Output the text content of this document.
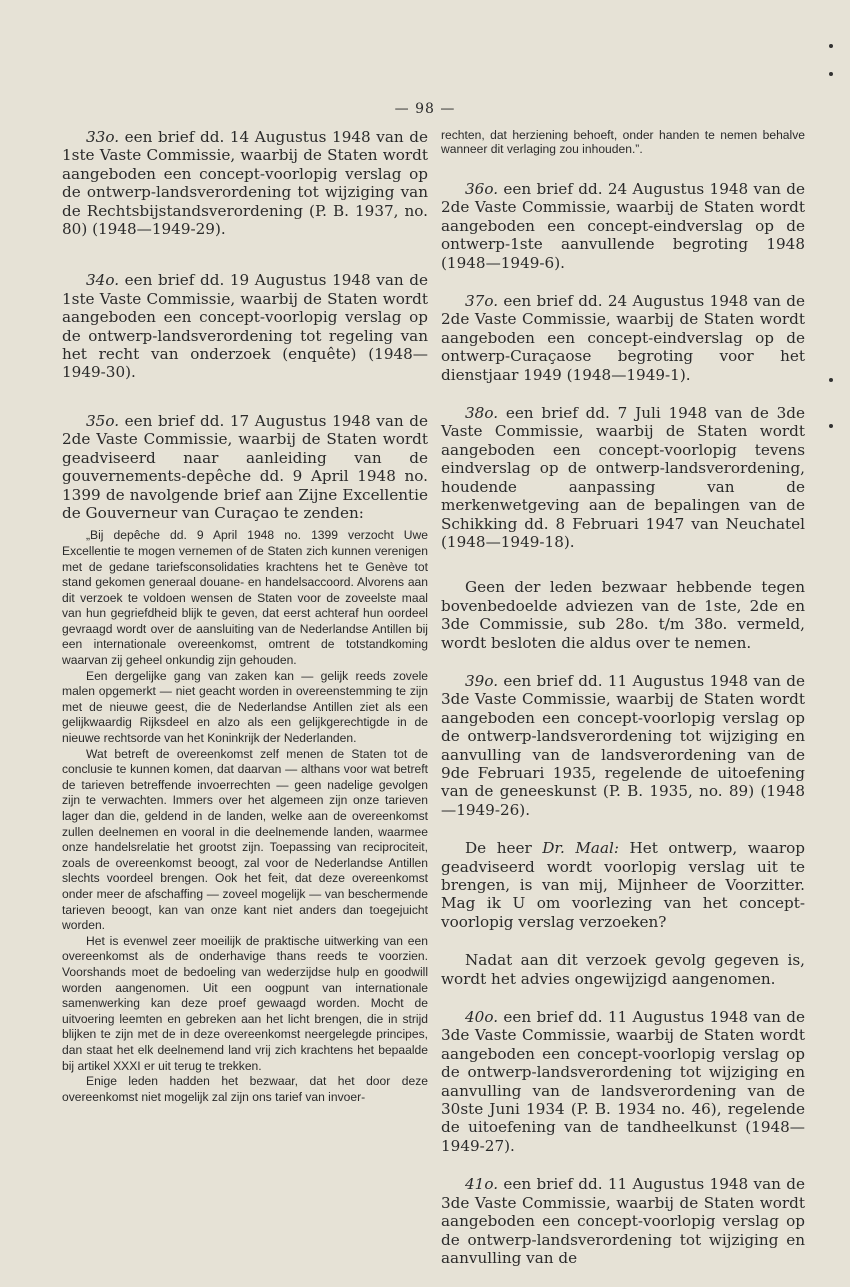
— 98 —

33o. een brief dd. 14 Augustus 1948 van de 1ste Vaste Commissie, waarbij de Staten wordt aangeboden een concept-voorlopig verslag op de ontwerp-landsverordening tot wijziging van de Rechtsbijstandsverordening (P. B. 1937, no. 80) (1948—1949-29).

34o. een brief dd. 19 Augustus 1948 van de 1ste Vaste Commissie, waarbij de Staten wordt aangeboden een concept-voorlopig verslag op de ontwerp-landsverordening tot regeling van het recht van onderzoek (enquête) (1948—1949-30).

35o. een brief dd. 17 Augustus 1948 van de 2de Vaste Commissie, waarbij de Staten wordt geadviseerd naar aanleiding van de gouvernements-depêche dd. 9 April 1948 no. 1399 de navolgende brief aan Zijne Excellentie de Gouverneur van Curaçao te zenden:

„Bij depêche dd. 9 April 1948 no. 1399 verzocht Uwe Excellentie te mogen vernemen of de Staten zich kunnen verenigen met de gedane tariefsconsolidaties krachtens het te Genève tot stand gekomen generaal douane- en handelsaccoord. Alvorens aan dit verzoek te voldoen wensen de Staten voor de zoveelste maal van hun gegriefdheid blijk te geven, dat eerst achteraf hun oordeel gevraagd wordt over de aansluiting van de Nederlandse Antillen bij een internationale overeenkomst, omtrent de totstandkoming waarvan zij geheel onkundig zijn gehouden.

Een dergelijke gang van zaken kan — gelijk reeds zovele malen opgemerkt — niet geacht worden in overeenstemming te zijn met de nieuwe geest, die de Nederlandse Antillen ziet als een gelijkwaardig Rijksdeel en alzo als een gelijkgerechtigde in de nieuwe rechtsorde van het Koninkrijk der Nederlanden.

Wat betreft de overeenkomst zelf menen de Staten tot de conclusie te kunnen komen, dat daarvan — althans voor wat betreft de tarieven betreffende invoerrechten — geen nadelige gevolgen zijn te verwachten. Immers over het algemeen zijn onze tarieven lager dan die, geldend in de landen, welke aan de overeenkomst zullen deelnemen en vooral in die deelnemende landen, waarmee onze handelsrelatie het grootst zijn. Toepassing van reciprociteit, zoals de overeenkomst beoogt, zal voor de Nederlandse Antillen slechts voordeel brengen. Ook het feit, dat deze overeenkomst onder meer de afschaffing — zoveel mogelijk — van beschermende tarieven beoogt, kan van onze kant niet anders dan toegejuicht worden.

Het is evenwel zeer moeilijk de praktische uitwerking van een overeenkomst als de onderhavige thans reeds te voorzien. Voorshands moet de bedoeling van wederzijdse hulp en goodwill worden aangenomen. Uit een oogpunt van internationale samenwerking kan deze proef gewaagd worden. Mocht de uitvoering leemten en gebreken aan het licht brengen, die in strijd blijken te zijn met de in deze overeenkomst neergelegde principes, dan staat het elk deelnemend land vrij zich krachtens het bepaalde bij artikel XXXI er uit terug te trekken.

Enige leden hadden het bezwaar, dat het door deze overeenkomst niet mogelijk zal zijn ons tarief van invoer-

rechten, dat herziening behoeft, onder handen te nemen behalve wanneer dit verlaging zou inhouden.”.

36o. een brief dd. 24 Augustus 1948 van de 2de Vaste Commissie, waarbij de Staten wordt aangeboden een concept-eindverslag op de ontwerp-1ste aanvullende begroting 1948 (1948—1949-6).

37o. een brief dd. 24 Augustus 1948 van de 2de Vaste Commissie, waarbij de Staten wordt aangeboden een concept-eindverslag op de ontwerp-Curaçaose begroting voor het dienstjaar 1949 (1948—1949-1).

38o. een brief dd. 7 Juli 1948 van de 3de Vaste Commissie, waarbij de Staten wordt aangeboden een concept-voorlopig tevens eindverslag op de ontwerp-landsverordening, houdende aanpassing van de merkenwetgeving aan de bepalingen van de Schikking dd. 8 Februari 1947 van Neuchatel (1948—1949-18).

Geen der leden bezwaar hebbende tegen bovenbedoelde adviezen van de 1ste, 2de en 3de Commissie, sub 28o. t/m 38o. vermeld, wordt besloten die aldus over te nemen.

39o. een brief dd. 11 Augustus 1948 van de 3de Vaste Commissie, waarbij de Staten wordt aangeboden een concept-voorlopig verslag op de ontwerp-landsverordening tot wijziging en aanvulling van de landsverordening van de 9de Februari 1935, regelende de uitoefening van de geneeskunst (P. B. 1935, no. 89) (1948—1949-26).

De heer Dr. Maal: Het ontwerp, waarop geadviseerd wordt voorlopig verslag uit te brengen, is van mij, Mijnheer de Voorzitter. Mag ik U om voorlezing van het concept-voorlopig verslag verzoeken?

Nadat aan dit verzoek gevolg gegeven is, wordt het advies ongewijzigd aangenomen.

40o. een brief dd. 11 Augustus 1948 van de 3de Vaste Commissie, waarbij de Staten wordt aangeboden een concept-voorlopig verslag op de ontwerp-landsverordening tot wijziging en aanvulling van de landsverordening van de 30ste Juni 1934 (P. B. 1934 no. 46), regelende de uitoefening van de tandheelkunst (1948—1949-27).

41o. een brief dd. 11 Augustus 1948 van de 3de Vaste Commissie, waarbij de Staten wordt aangeboden een concept-voorlopig verslag op de ontwerp-landsverordening tot wijziging en aanvulling van de
